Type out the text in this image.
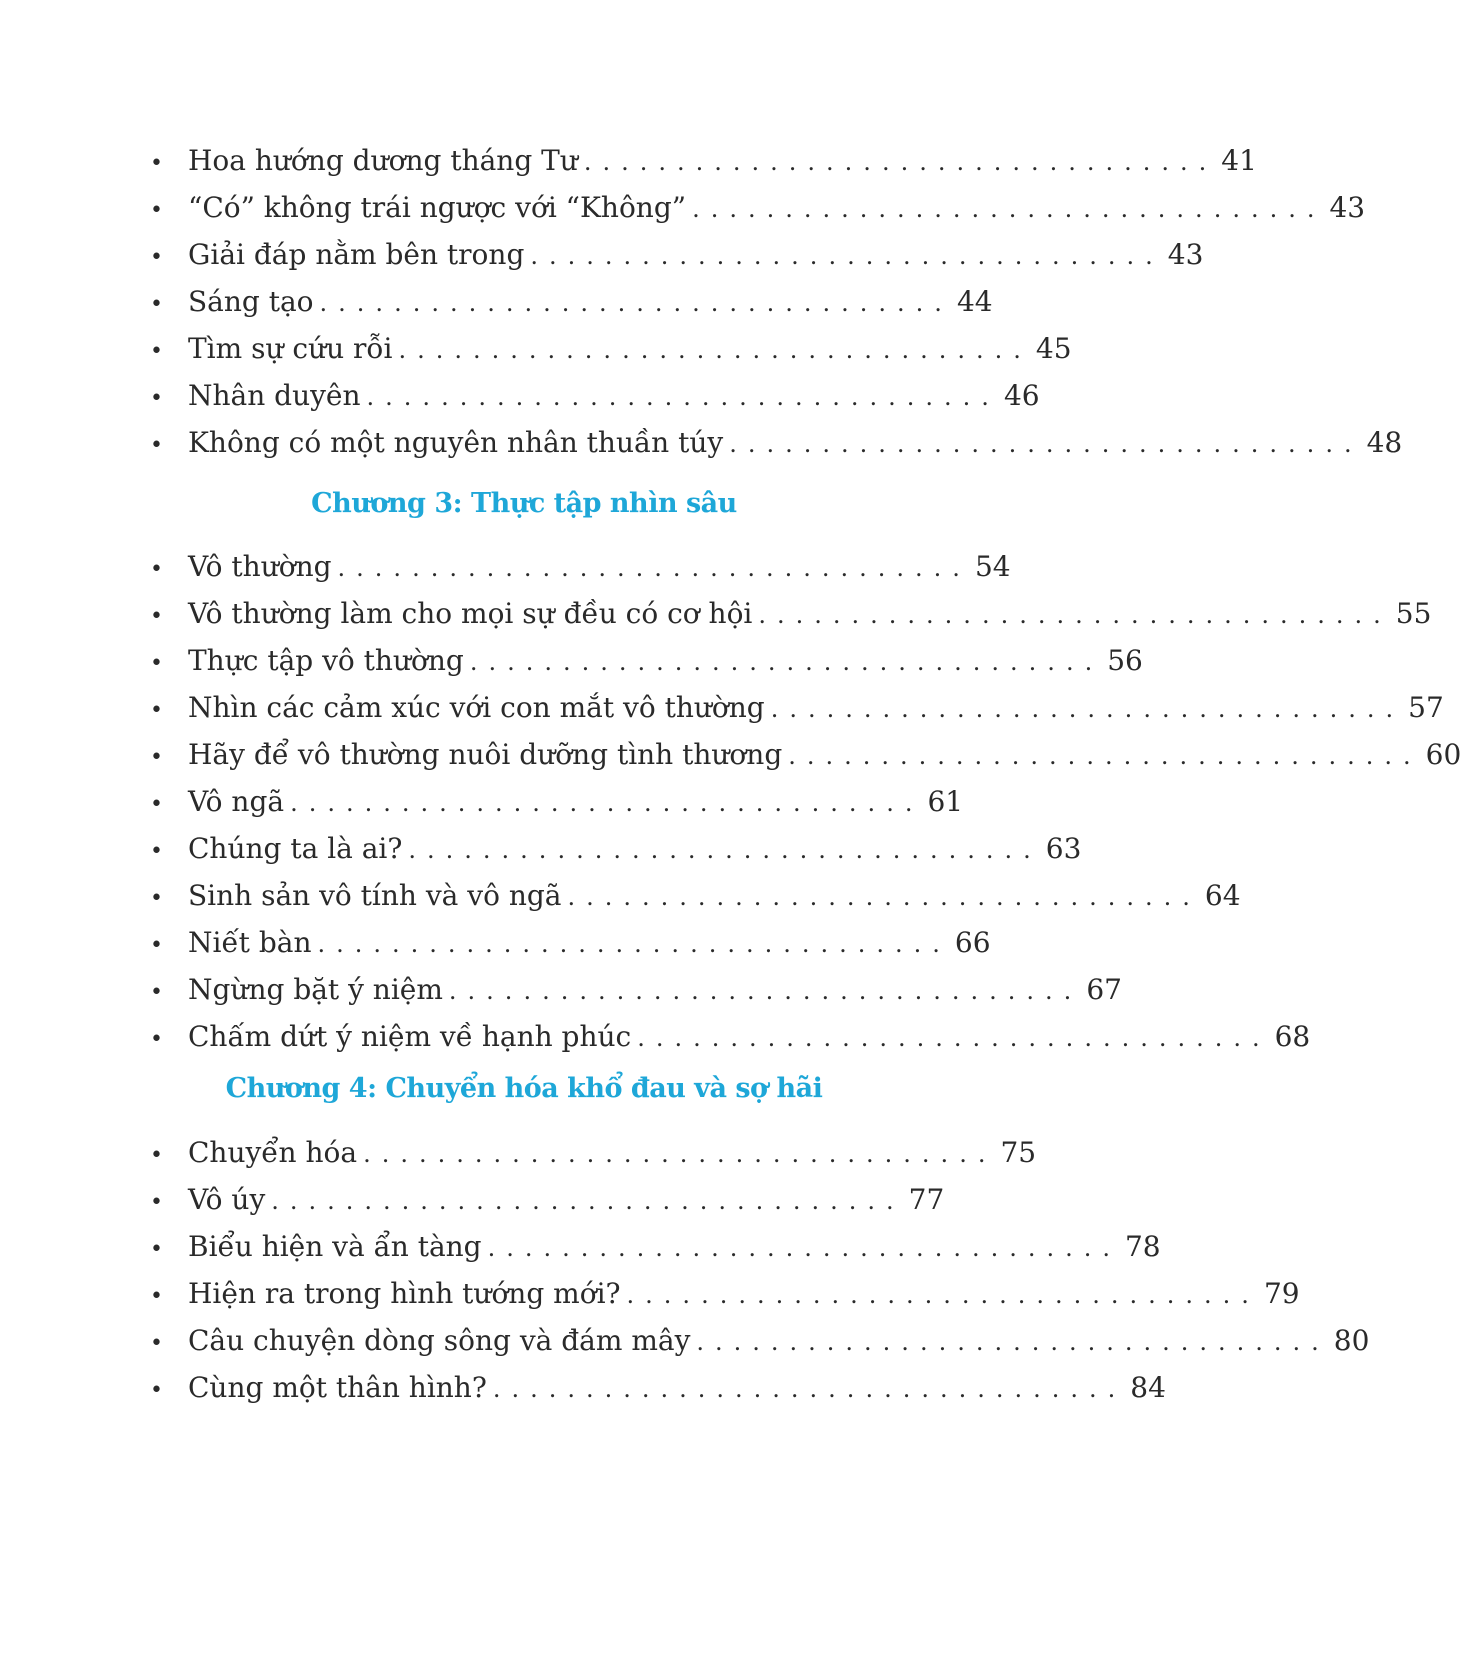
• Hoa hướng dương tháng Tư .................................. 41
• “Có” không trái ngược với “Không” .................................. 43
• Giải đáp nằm bên trong .................................. 43
• Sáng tạo .................................. 44
• Tìm sự cứu rỗi .................................. 45
• Nhân duyên .................................. 46
• Không có một nguyên nhân thuần túy .................................. 48
Chương 3: Thực tập nhìn sâu
• Vô thường .................................. 54
• Vô thường làm cho mọi sự đều có cơ hội .................................. 55
• Thực tập vô thường .................................. 56
• Nhìn các cảm xúc với con mắt vô thường .................................. 57
• Hãy để vô thường nuôi dưỡng tình thương .................................. 60
• Vô ngã .................................. 61
• Chúng ta là ai? .................................. 63
• Sinh sản vô tính và vô ngã .................................. 64
• Niết bàn .................................. 66
• Ngừng bặt ý niệm .................................. 67
• Chấm dứt ý niệm về hạnh phúc .................................. 68
Chương 4: Chuyển hóa khổ đau và sợ hãi
• Chuyển hóa .................................. 75
• Vô úy .................................. 77
• Biểu hiện và ẩn tàng .................................. 78
• Hiện ra trong hình tướng mới? .................................. 79
• Câu chuyện dòng sông và đám mây .................................. 80
• Cùng một thân hình? .................................. 84
